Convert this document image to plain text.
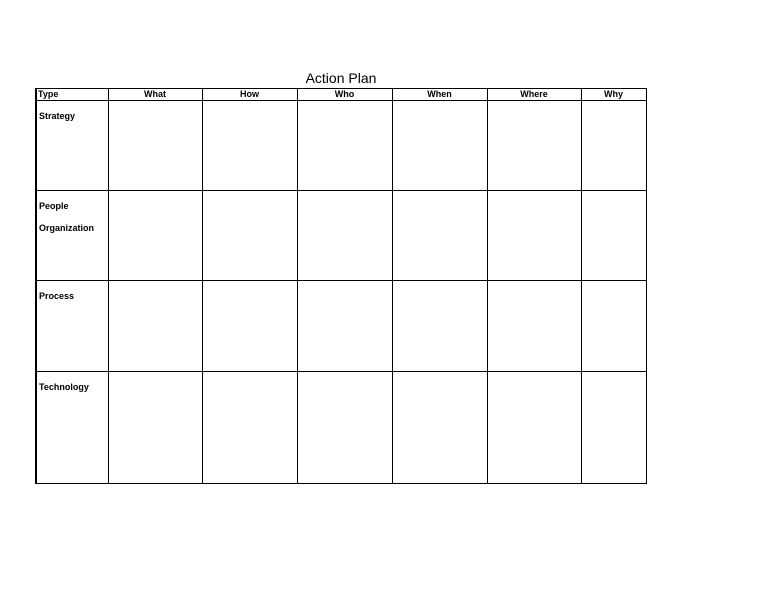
Action Plan
Type	What	How	Who	When	Where	Why

Strategy						

People
Organization						

Process						

Technology						
